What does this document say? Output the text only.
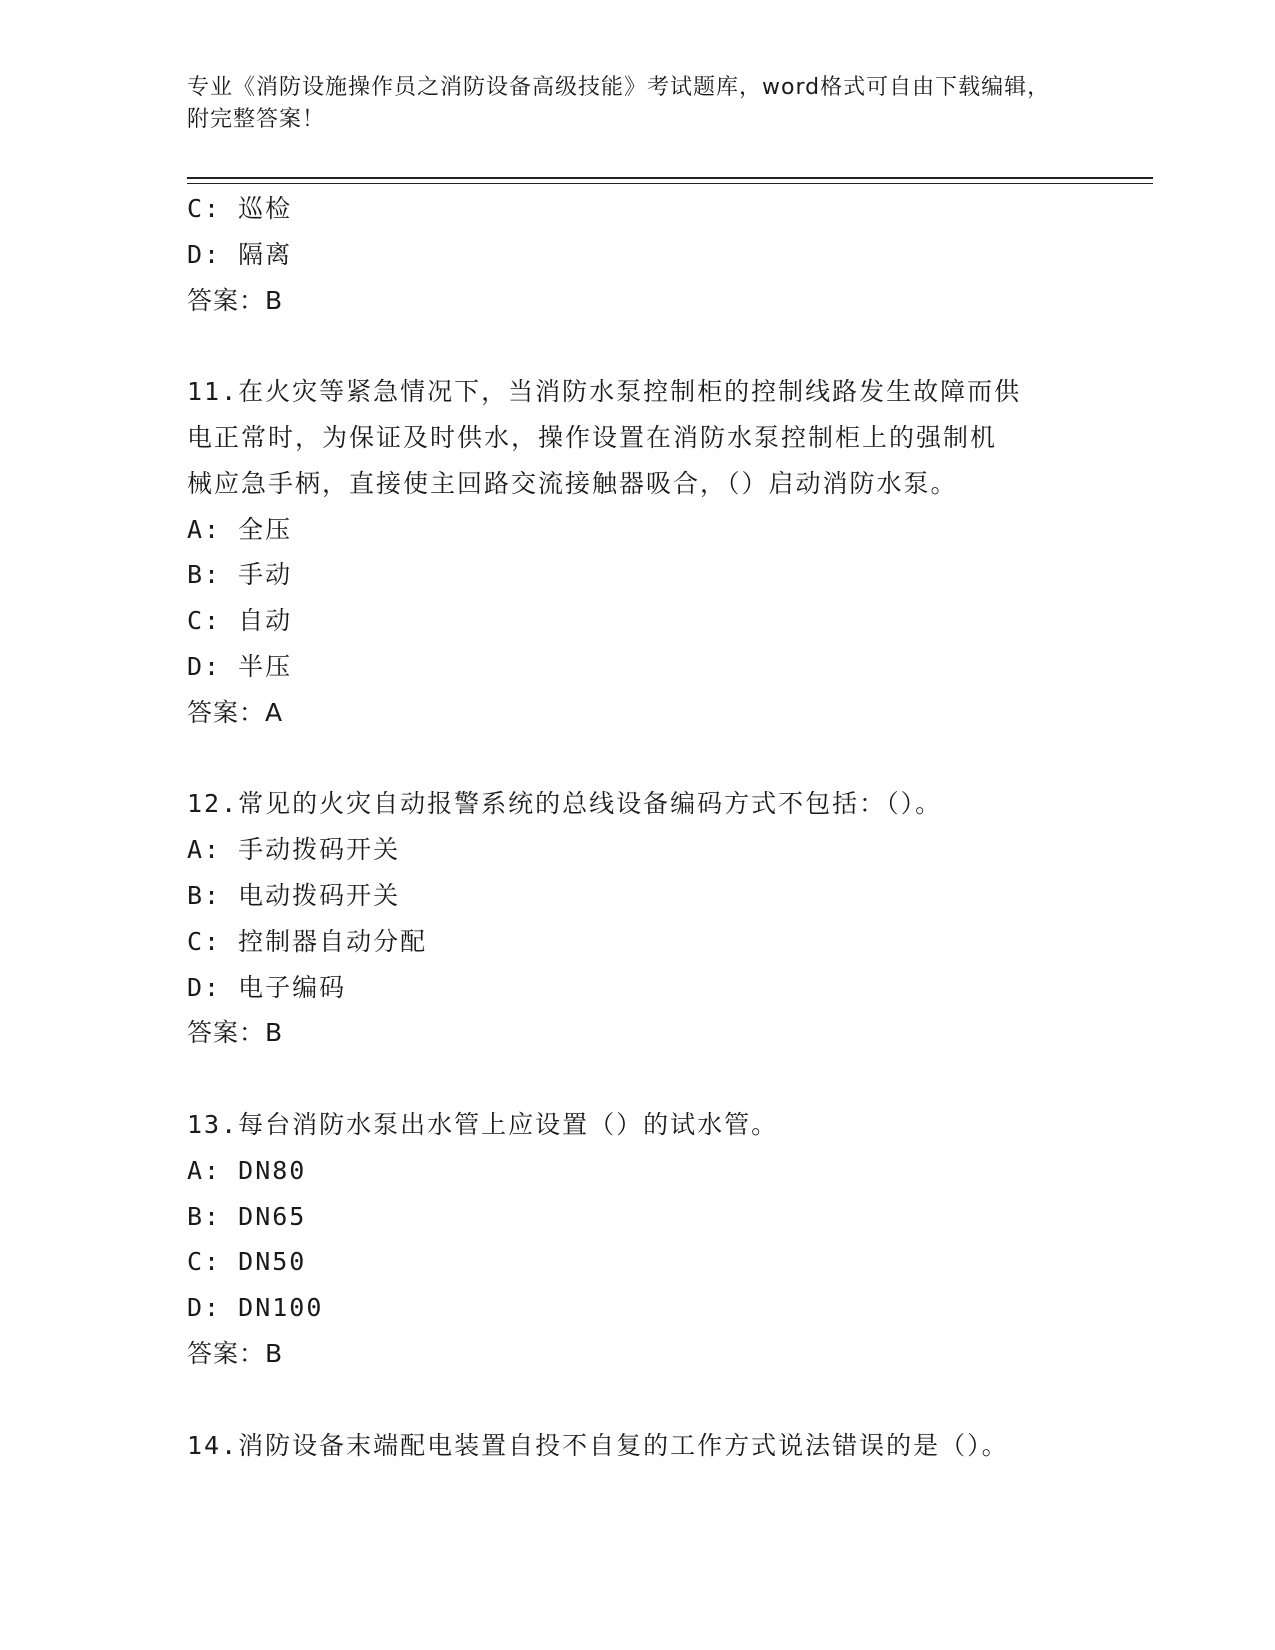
专业《消防设施操作员之消防设备高级技能》考试题库，word格式可自由下载编辑，附完整答案！
C: 巡检
D: 隔离
答案：B
11.在火灾等紧急情况下，当消防水泵控制柜的控制线路发生故障而供
电正常时，为保证及时供水，操作设置在消防水泵控制柜上的强制机
械应急手柄，直接使主回路交流接触器吸合，（）启动消防水泵。
A: 全压
B: 手动
C: 自动
D: 半压
答案：A
12.常见的火灾自动报警系统的总线设备编码方式不包括：（）。
A: 手动拨码开关
B: 电动拨码开关
C: 控制器自动分配
D: 电子编码
答案：B
13.每台消防水泵出水管上应设置（）的试水管。
A: DN80
B: DN65
C: DN50
D: DN100
答案：B
14.消防设备末端配电装置自投不自复的工作方式说法错误的是（）。
